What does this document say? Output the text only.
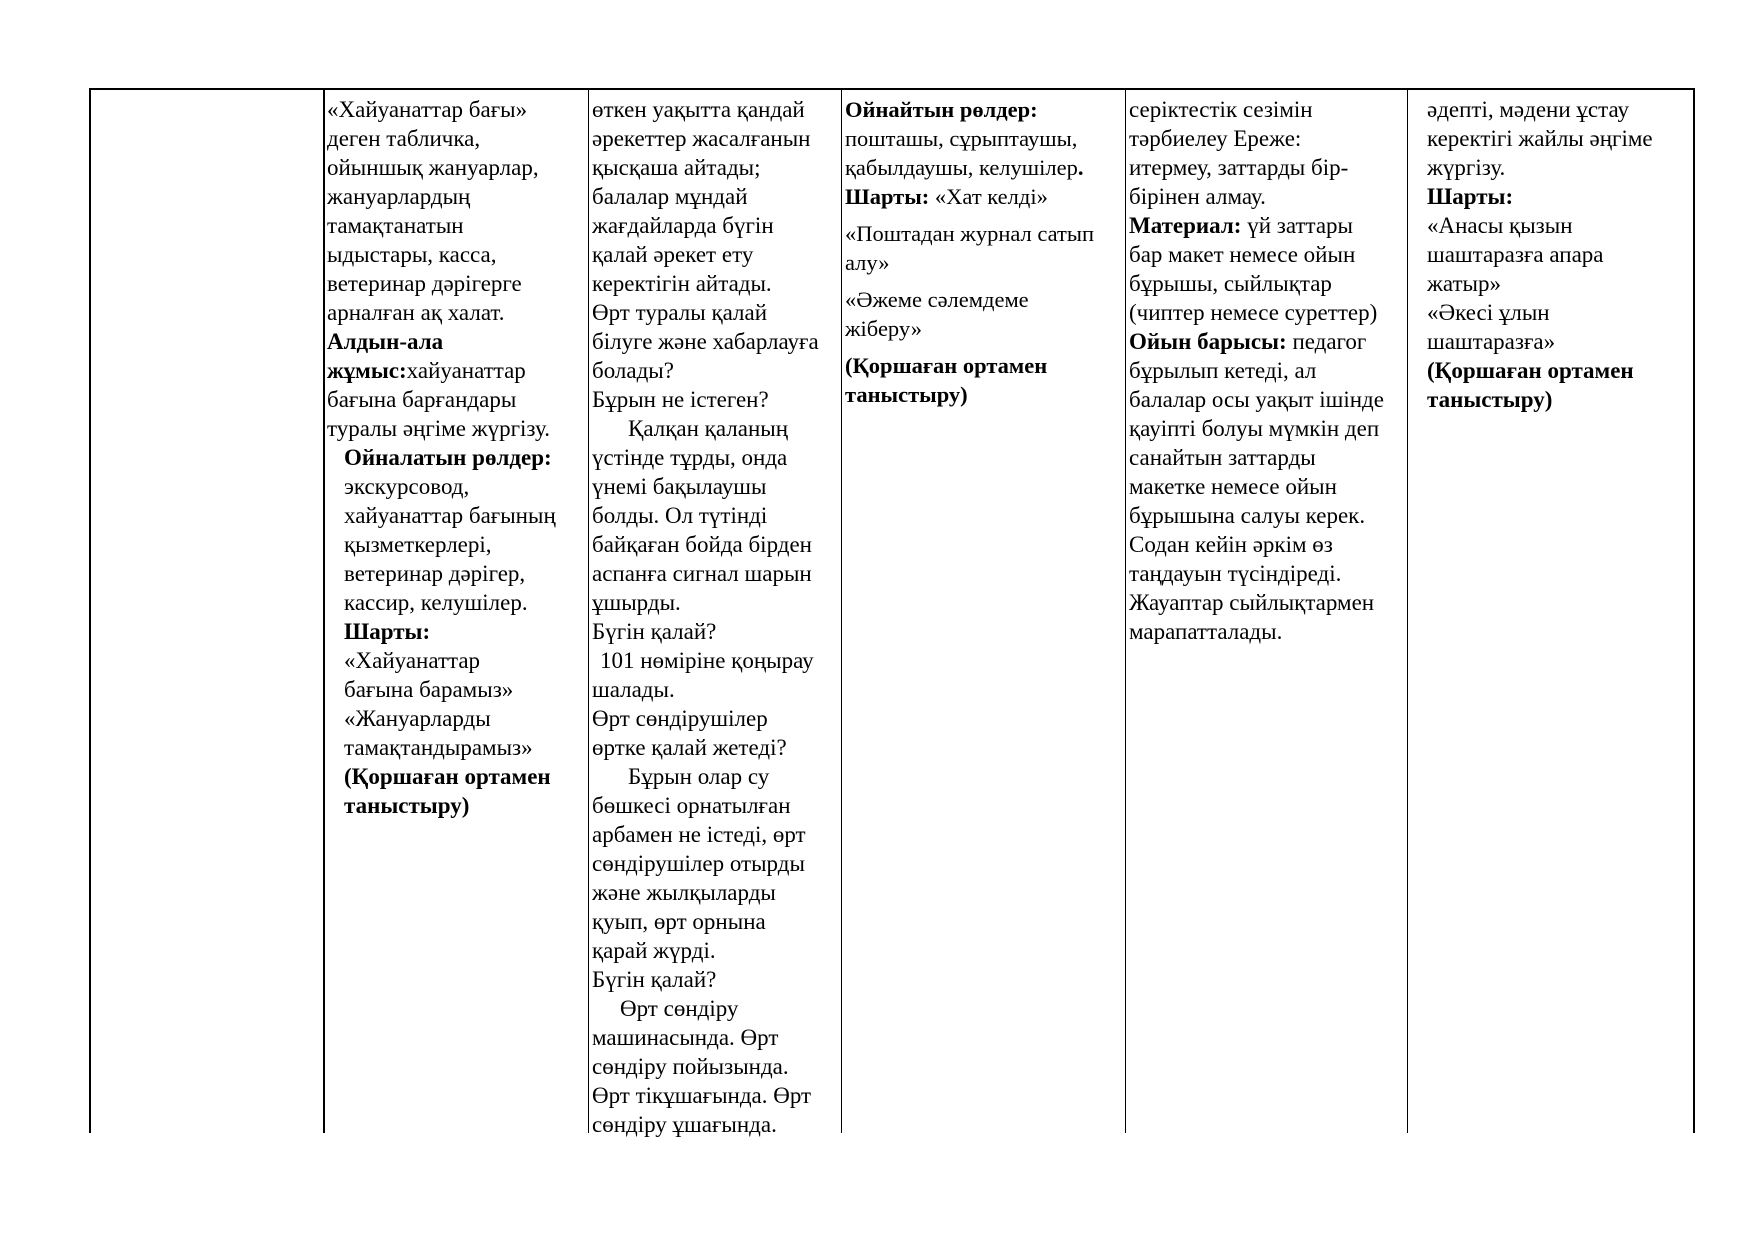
«Хайуанаттар бағы»

деген табличка,

ойыншық жануарлар,

жануарлардың

тамақтанатын

ыдыстары, касса,

ветеринар дәрігерге

арналған ақ халат.

Алдын-ала

жұмыс:хайуанаттар

бағына барғандары

туралы әңгіме жүргізу.

Ойналатын рөлдер:

экскурсовод,

хайуанаттар бағының

қызметкерлері,

ветеринар дәрігер,

кассир, келушілер.

Шарты:

«Хайуанаттар

бағына барамыз»

«Жануарларды

тамақтандырамыз»

(Қоршаған ортамен

таныстыру)

өткен уақытта қандай

әрекеттер жасалғанын

қысқаша айтады;

балалар мұндай

жағдайларда бүгін

қалай әрекет ету

керектігін айтады.

Өрт туралы қалай

білуге және хабарлауға

болады?

Бұрын не істеген?

Қалқан қаланың

үстінде тұрды, онда

үнемі бақылаушы

болды. Ол түтінді

байқаған бойда бірден

аспанға сигнал шарын

ұшырды.

Бүгін қалай?

101 нөміріне қоңырау

шалады.

Өрт сөндірушілер

өртке қалай жетеді?

Бұрын олар су

бөшкесі орнатылған

арбамен не істеді, өрт

сөндірушілер отырды

және жылқыларды

қуып, өрт орнына

қарай жүрді.

Бүгін қалай?

Өрт сөндіру

машинасында. Өрт

сөндіру пойызында.

Өрт тікұшағында. Өрт

сөндіру ұшағында.

Ойнайтын рөлдер:

пошташы, сұрыптаушы,

қабылдаушы, келушілер.

Шарты: «Хат келді»

«Поштадан журнал сатып

алу»

«Әжеме сәлемдеме

жіберу»

(Қоршаған ортамен

таныстыру)

серіктестік сезімін

тәрбиелеу Ереже:

итермеу, заттарды бір-

бірінен алмау.

Материал: үй заттары

бар макет немесе ойын

бұрышы, сыйлықтар

(чиптер немесе суреттер)

Ойын барысы: педагог

бұрылып кетеді, ал

балалар осы уақыт ішінде

қауіпті болуы мүмкін деп

санайтын заттарды

макетке немесе ойын

бұрышына салуы керек.

Содан кейін әркім өз

таңдауын түсіндіреді.

Жауаптар сыйлықтармен

марапатталады.

әдепті, мәдени ұстау

керектігі жайлы әңгіме

жүргізу.

Шарты:

«Анасы қызын

шаштаразға апара

жатыр»

«Әкесі ұлын

шаштаразға»

(Қоршаған ортамен

таныстыру)
